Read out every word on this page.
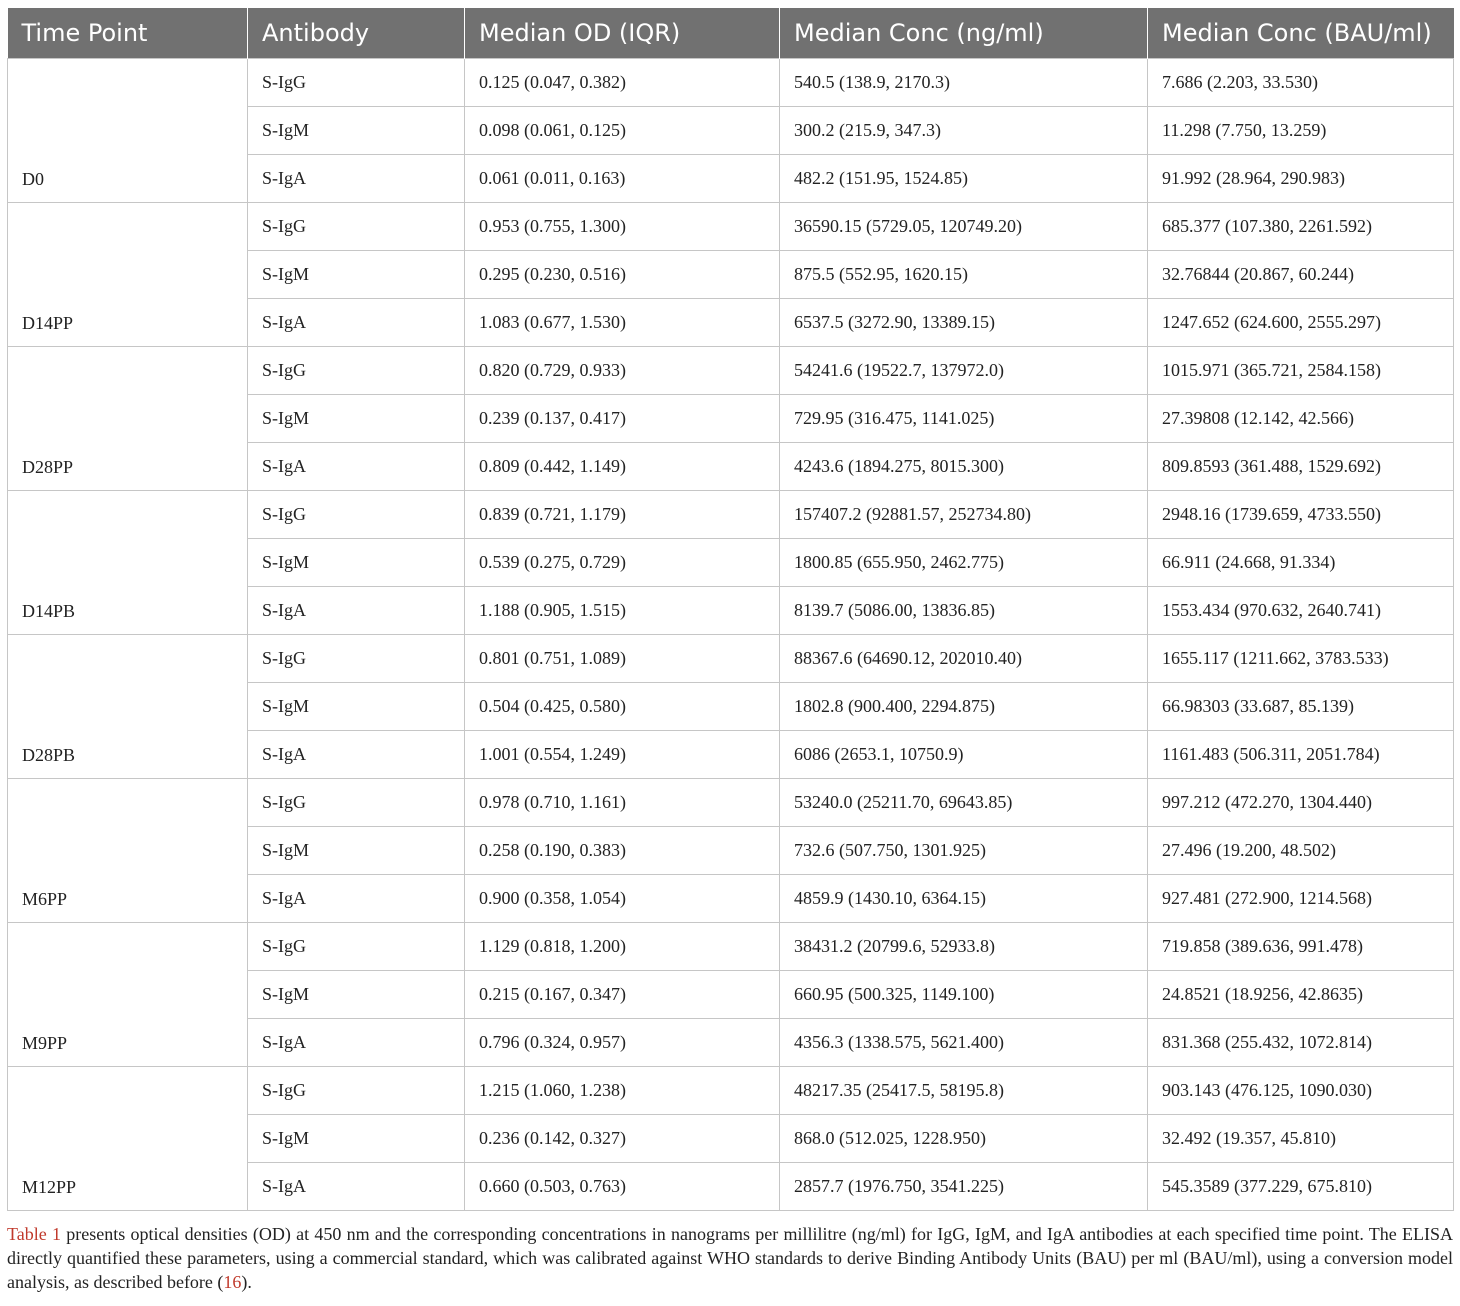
Time Point	Antibody	Median OD (IQR)	Median Conc (ng/ml)	Median Conc (BAU/ml)
D0	S-IgG	0.125 (0.047, 0.382)	540.5 (138.9, 2170.3)	7.686 (2.203, 33.530)
	S-IgM	0.098 (0.061, 0.125)	300.2 (215.9, 347.3)	11.298 (7.750, 13.259)
	S-IgA	0.061 (0.011, 0.163)	482.2 (151.95, 1524.85)	91.992 (28.964, 290.983)
D14PP	S-IgG	0.953 (0.755, 1.300)	36590.15 (5729.05, 120749.20)	685.377 (107.380, 2261.592)
	S-IgM	0.295 (0.230, 0.516)	875.5 (552.95, 1620.15)	32.76844 (20.867, 60.244)
	S-IgA	1.083 (0.677, 1.530)	6537.5 (3272.90, 13389.15)	1247.652 (624.600, 2555.297)
D28PP	S-IgG	0.820 (0.729, 0.933)	54241.6 (19522.7, 137972.0)	1015.971 (365.721, 2584.158)
	S-IgM	0.239 (0.137, 0.417)	729.95 (316.475, 1141.025)	27.39808 (12.142, 42.566)
	S-IgA	0.809 (0.442, 1.149)	4243.6 (1894.275, 8015.300)	809.8593 (361.488, 1529.692)
D14PB	S-IgG	0.839 (0.721, 1.179)	157407.2 (92881.57, 252734.80)	2948.16 (1739.659, 4733.550)
	S-IgM	0.539 (0.275, 0.729)	1800.85 (655.950, 2462.775)	66.911 (24.668, 91.334)
	S-IgA	1.188 (0.905, 1.515)	8139.7 (5086.00, 13836.85)	1553.434 (970.632, 2640.741)
D28PB	S-IgG	0.801 (0.751, 1.089)	88367.6 (64690.12, 202010.40)	1655.117 (1211.662, 3783.533)
	S-IgM	0.504 (0.425, 0.580)	1802.8 (900.400, 2294.875)	66.98303 (33.687, 85.139)
	S-IgA	1.001 (0.554, 1.249)	6086 (2653.1, 10750.9)	1161.483 (506.311, 2051.784)
M6PP	S-IgG	0.978 (0.710, 1.161)	53240.0 (25211.70, 69643.85)	997.212 (472.270, 1304.440)
	S-IgM	0.258 (0.190, 0.383)	732.6 (507.750, 1301.925)	27.496 (19.200, 48.502)
	S-IgA	0.900 (0.358, 1.054)	4859.9 (1430.10, 6364.15)	927.481 (272.900, 1214.568)
M9PP	S-IgG	1.129 (0.818, 1.200)	38431.2 (20799.6, 52933.8)	719.858 (389.636, 991.478)
	S-IgM	0.215 (0.167, 0.347)	660.95 (500.325, 1149.100)	24.8521 (18.9256, 42.8635)
	S-IgA	0.796 (0.324, 0.957)	4356.3 (1338.575, 5621.400)	831.368 (255.432, 1072.814)
M12PP	S-IgG	1.215 (1.060, 1.238)	48217.35 (25417.5, 58195.8)	903.143 (476.125, 1090.030)
	S-IgM	0.236 (0.142, 0.327)	868.0 (512.025, 1228.950)	32.492 (19.357, 45.810)
	S-IgA	0.660 (0.503, 0.763)	2857.7 (1976.750, 3541.225)	545.3589 (377.229, 675.810)
Table 1 presents optical densities (OD) at 450 nm and the corresponding concentrations in nanograms per millilitre (ng/ml) for IgG, IgM, and IgA antibodies at each specified time point. The ELISA directly quantified these parameters, using a commercial standard, which was calibrated against WHO standards to derive Binding Antibody Units (BAU) per ml (BAU/ml), using a conversion model analysis, as described before (16).
